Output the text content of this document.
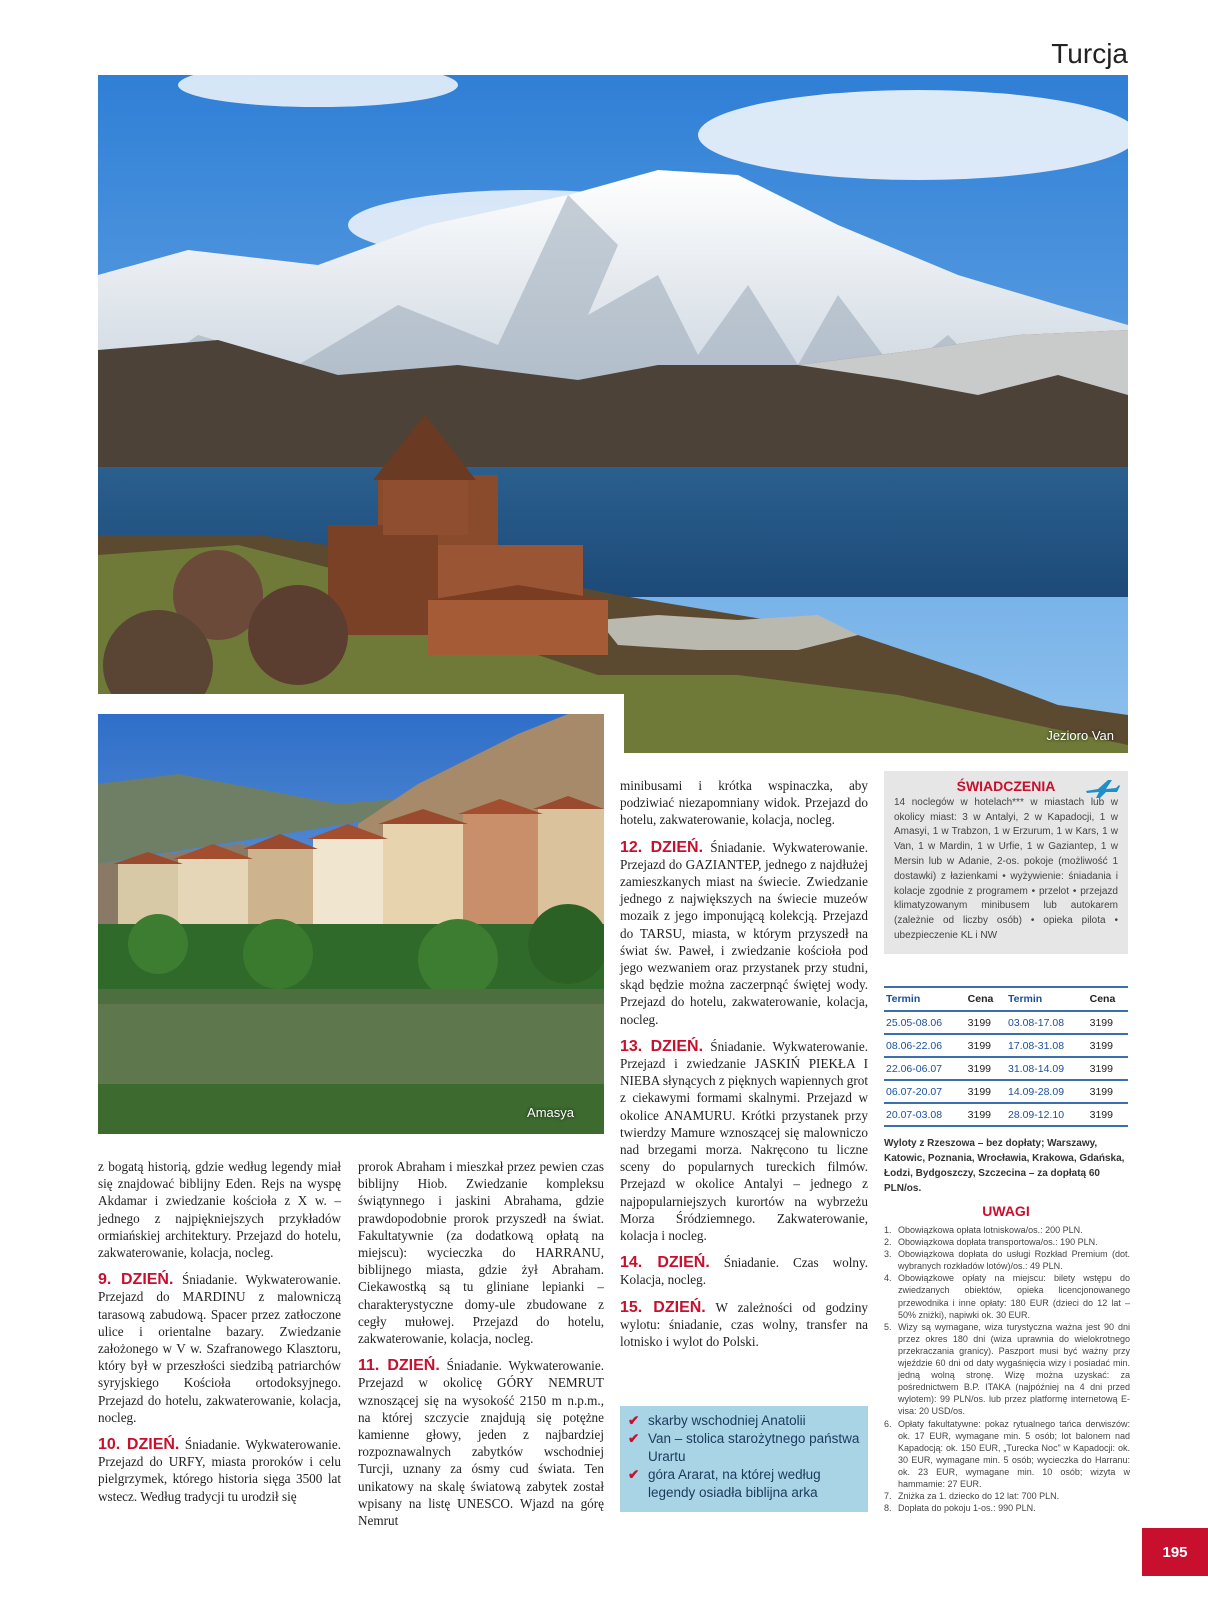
Turcja
Jezioro Van
Amasya

z bogatą historią, gdzie według legendy miał się znajdować biblijny Eden. Rejs na wyspę Akdamar i zwiedzanie kościoła z X w. – jednego z najpiękniejszych przykładów ormiańskiej architektury. Przejazd do hotelu, zakwaterowanie, kolacja, nocleg.

9. DZIEŃ. Śniadanie. Wykwaterowanie. Przejazd do MARDINU z malowniczą tarasową zabudową. Spacer przez zatłoczone ulice i orientalne bazary. Zwiedzanie założonego w V w. Szafranowego Klasztoru, który był w przeszłości siedzibą patriarchów syryjskiego Kościoła ortodoksyjnego. Przejazd do hotelu, zakwaterowanie, kolacja, nocleg.

10. DZIEŃ. Śniadanie. Wykwaterowanie. Przejazd do URFY, miasta proroków i celu pielgrzymek, którego historia sięga 3500 lat wstecz. Według tradycji tu urodził się

prorok Abraham i mieszkał przez pewien czas biblijny Hiob. Zwiedzanie kompleksu świątynnego i jaskini Abrahama, gdzie prawdopodobnie prorok przyszedł na świat. Fakultatywnie (za dodatkową opłatą na miejscu): wycieczka do HARRANU, biblijnego miasta, gdzie żył Abraham. Ciekawostką są tu gliniane lepianki – charakterystyczne domy-ule zbudowane z cegły mułowej. Przejazd do hotelu, zakwaterowanie, kolacja, nocleg.

11. DZIEŃ. Śniadanie. Wykwaterowanie. Przejazd w okolicę GÓRY NEMRUT wznoszącej się na wysokość 2150 m n.p.m., na której szczycie znajdują się potężne kamienne głowy, jeden z najbardziej rozpoznawalnych zabytków wschodniej Turcji, uznany za ósmy cud świata. Ten unikatowy na skalę światową zabytek został wpisany na listę UNESCO. Wjazd na górę Nemrut

minibusami i krótka wspinaczka, aby podziwiać niezapomniany widok. Przejazd do hotelu, zakwaterowanie, kolacja, nocleg.

12. DZIEŃ. Śniadanie. Wykwaterowanie. Przejazd do GAZIANTEP, jednego z najdłużej zamieszkanych miast na świecie. Zwiedzanie jednego z największych na świecie muzeów mozaik z jego imponującą kolekcją. Przejazd do TARSU, miasta, w którym przyszedł na świat św. Paweł, i zwiedzanie kościoła pod jego wezwaniem oraz przystanek przy studni, skąd będzie można zaczerpnąć świętej wody. Przejazd do hotelu, zakwaterowanie, kolacja, nocleg.

13. DZIEŃ. Śniadanie. Wykwaterowanie. Przejazd i zwiedzanie JASKIŃ PIEKŁA I NIEBA słynących z pięknych wapiennych grot z ciekawymi formami skalnymi. Przejazd w okolice ANAMURU. Krótki przystanek przy twierdzy Mamure wznoszącej się malowniczo nad brzegami morza. Nakręcono tu liczne sceny do popularnych tureckich filmów. Przejazd w okolice Antalyi – jednego z najpopularniejszych kurortów na wybrzeżu Morza Śródziemnego. Zakwaterowanie, kolacja i nocleg.

14. DZIEŃ. Śniadanie. Czas wolny. Kolacja, nocleg.

15. DZIEŃ. W zależności od godziny wylotu: śniadanie, czas wolny, transfer na lotnisko i wylot do Polski.

✔ skarby wschodniej Anatolii
✔ Van – stolica starożytnego państwa Urartu
✔ góra Ararat, na której według legendy osiadła biblijna arka
ŚWIADCZENIA
14 noclegów w hotelach*** w miastach lub w okolicy miast: 3 w Antalyi, 2 w Kapadocji, 1 w Amasyi, 1 w Trabzon, 1 w Erzurum, 1 w Kars, 1 w Van, 1 w Mardin, 1 w Urfie, 1 w Gaziantep, 1 w Mersin lub w Adanie, 2-os. pokoje (możliwość 1 dostawki) z łazienkami • wyżywienie: śniadania i kolacje zgodnie z programem • przelot • przejazd klimatyzowanym minibusem lub autokarem (zależnie od liczby osób) • opieka pilota • ubezpieczenie KL i NW
Termin	Cena	Termin	Cena
25.05-08.06	3199	03.08-17.08	3199
08.06-22.06	3199	17.08-31.08	3199
22.06-06.07	3199	31.08-14.09	3199
06.07-20.07	3199	14.09-28.09	3199
20.07-03.08	3199	28.09-12.10	3199
Wyloty z Rzeszowa – bez dopłaty; Warszawy, Katowic, Poznania, Wrocławia, Krakowa, Gdańska, Łodzi, Bydgoszczy, Szczecina – za dopłatą 60 PLN/os.
UWAGI
1. Obowiązkowa opłata lotniskowa/os.: 200 PLN.
2. Obowiązkowa dopłata transportowa/os.: 190 PLN.
3. Obowiązkowa dopłata do usługi Rozkład Premium (dot. wybranych rozkładów lotów)/os.: 49 PLN.
4. Obowiązkowe opłaty na miejscu: bilety wstępu do zwiedzanych obiektów, opieka licencjonowanego przewodnika i inne opłaty: 180 EUR (dzieci do 12 lat – 50% zniżki), napiwki ok. 30 EUR.
5. Wizy są wymagane, wiza turystyczna ważna jest 90 dni przez okres 180 dni (wiza uprawnia do wielokrotnego przekraczania granicy). Paszport musi być ważny przy wjeździe 60 dni od daty wygaśnięcia wizy i posiadać min. jedną wolną stronę. Wizę można uzyskać: za pośrednictwem B.P. ITAKA (najpóźniej na 4 dni przed wylotem): 99 PLN/os. lub przez platformę internetową E-visa: 20 USD/os.
6. Opłaty fakultatywne: pokaz rytualnego tańca derwiszów: ok. 17 EUR, wymagane min. 5 osób; lot balonem nad Kapadocją: ok. 150 EUR, „Turecka Noc” w Kapadocji: ok. 30 EUR, wymagane min. 5 osób; wycieczka do Harranu: ok. 23 EUR, wymagane min. 10 osób; wizyta w hammamie: 27 EUR.
7. Zniżka za 1. dziecko do 12 lat: 700 PLN.
8. Dopłata do pokoju 1-os.: 990 PLN.
195
